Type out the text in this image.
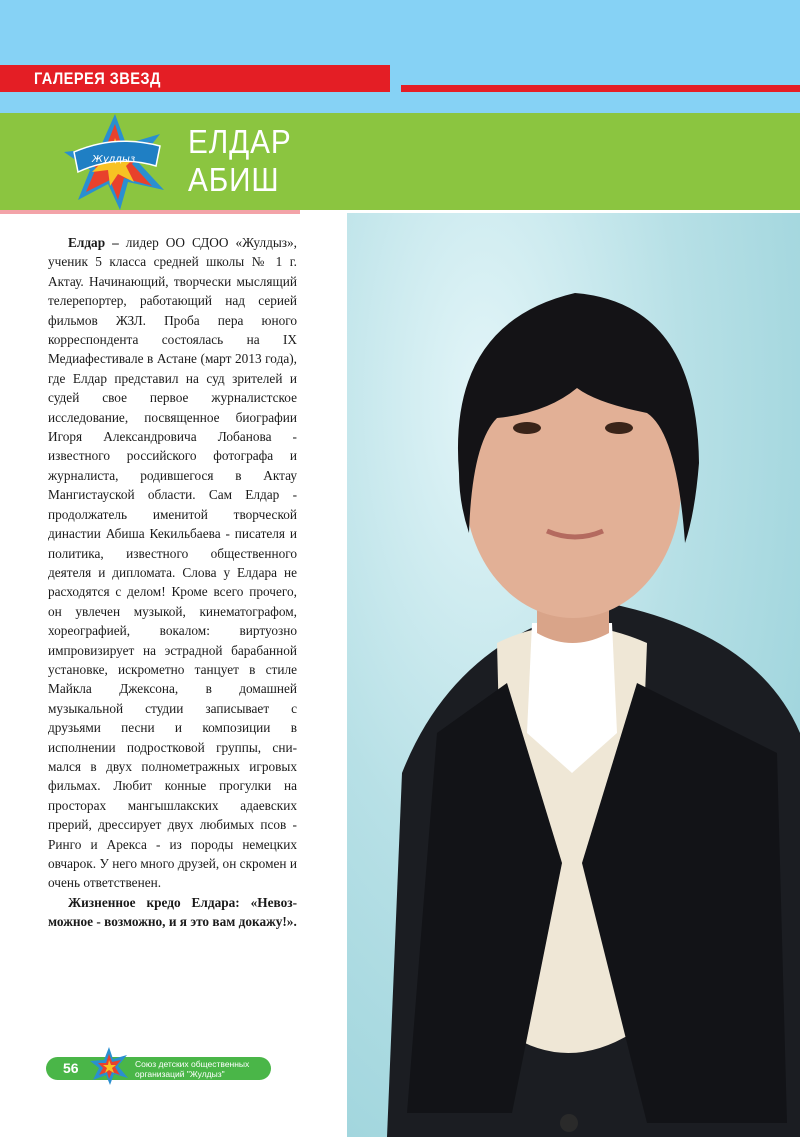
ГАЛЕРЕЯ ЗВЕЗД
Жұлдыз ЕЛДАР
АБИШ

Елдар – лидер ОО СДОО «Жулдыз», ученик 5 класса средней школы № 1 г. Актау. Начинающий, творчески мыслящий телерепортер, работающий над серией фильмов ЖЗЛ. Проба пера юного корреспондента состоялась на IX Медиафестивале в Астане (март 2013 года), где Елдар представил на суд зрителей и судей свое первое журналистское исследование, посвященное биографии Игоря Александровича Лобанова - известного российского фотографа и журналиста, родившегося в Актау Мангистауской области. Сам Елдар - продолжатель именитой творческой династии Абиша Кекильбаева - писателя и политика, известного общественного деятеля и дипломата. Слова у Елдара не расходятся с делом! Кроме всего прочего, он увлечен музыкой, кинематографом, хореографией, вокалом: виртуозно импровизирует на эстрадной барабанной установке, искрометно танцует в стиле Майкла Джексона, в домашней музыкальной студии записывает с друзьями песни и композиции в исполнении подростковой группы, снимался в двух полнометражных игровых фильмах. Любит конные прогулки на просторах мангышлакских адаевских прерий, дрессирует двух любимых псов - Ринго и Арекса - из породы немецких овчарок. У него много друзей, он скромен и очень ответственен.

Жизненное кредо Елдара: «Невозможное - возможно, и я это вам докажу!».

56	Союз детских общественных
организаций "Жулдыз"
